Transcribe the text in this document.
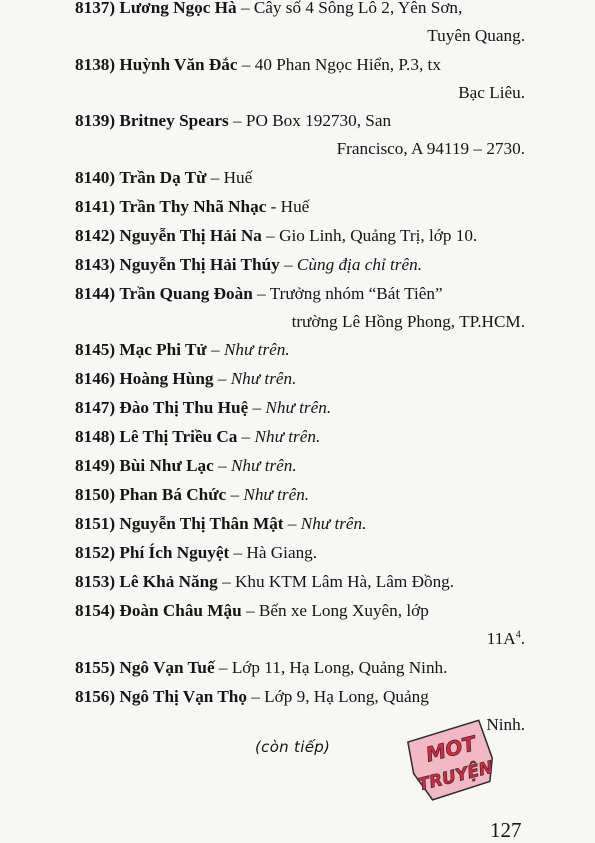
8137) Lương Ngọc Hà – Cây số 4 Sông Lô 2, Yên Sơn,
Tuyên Quang.
8138) Huỳnh Văn Đắc – 40 Phan Ngọc Hiển, P.3, tx
Bạc Liêu.
8139) Britney Spears – PO Box 192730, San
Francisco, A 94119 – 2730.
8140) Trần Dạ Từ – Huế
8141) Trần Thy Nhã Nhạc - Huế
8142) Nguyễn Thị Hải Na – Gio Linh, Quảng Trị, lớp 10.
8143) Nguyễn Thị Hải Thúy – Cùng địa chỉ trên.
8144) Trần Quang Đoàn – Trưởng nhóm “Bát Tiên”
trường Lê Hồng Phong, TP.HCM.
8145) Mạc Phi Tử – Như trên.
8146) Hoàng Hùng – Như trên.
8147) Đào Thị Thu Huệ – Như trên.
8148) Lê Thị Triều Ca – Như trên.
8149) Bùi Như Lạc – Như trên.
8150) Phan Bá Chức – Như trên.
8151) Nguyễn Thị Thân Mật – Như trên.
8152) Phí Ích Nguyệt – Hà Giang.
8153) Lê Khả Năng – Khu KTM Lâm Hà, Lâm Đồng.
8154) Đoàn Châu Mậu – Bến xe Long Xuyên, lớp
11A$^4$.
8155) Ngô Vạn Tuế – Lớp 11, Hạ Long, Quảng Ninh.
8156) Ngô Thị Vạn Thọ – Lớp 9, Hạ Long, Quảng
Ninh.
(còn tiếp)
127
MOT
TRUYỆN
